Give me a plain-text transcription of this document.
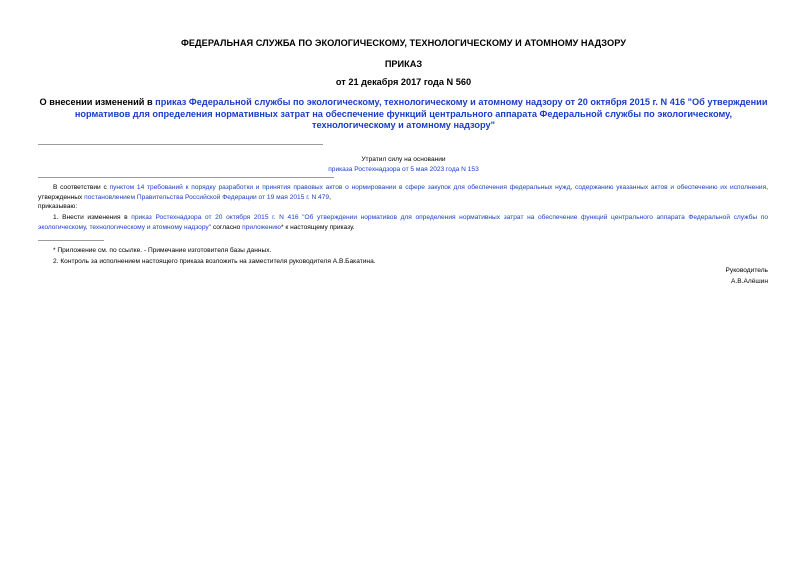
ФЕДЕРАЛЬНАЯ СЛУЖБА ПО ЭКОЛОГИЧЕСКОМУ, ТЕХНОЛОГИЧЕСКОМУ И АТОМНОМУ НАДЗОРУ
ПРИКАЗ
от 21 декабря 2017 года N 560
О внесении изменений в приказ Федеральной службы по экологическому, технологическому и атомному надзору от 20 октября 2015 г. N 416 "Об утверждении нормативов для определения нормативных затрат на обеспечение функций центрального аппарата Федеральной службы по экологическому, технологическому и атомному надзору"
Утратил силу на основании
приказа Ростехнадзора от 5 мая 2023 года N 153
В соответствии с пунктом 14 требований к порядку разработки и принятия правовых актов о нормировании в сфере закупок для обеспечения федеральных нужд, содержанию указанных актов и обеспечению их исполнения, утвержденных постановлением Правительства Российской Федерации от 19 мая 2015 г. N 479,
приказываю:
1. Внести изменения в приказ Ростехнадзора от 20 октября 2015 г. N 416 "Об утверждении нормативов для определения нормативных затрат на обеспечение функций центрального аппарата Федеральной службы по экологическому, технологическому и атомному надзору" согласно приложению* к настоящему приказу.
* Приложение см. по ссылке. - Примечание изготовителя базы данных.
2. Контроль за исполнением настоящего приказа возложить на заместителя руководителя А.В.Бакатина.
Руководитель
А.В.Алёшин
